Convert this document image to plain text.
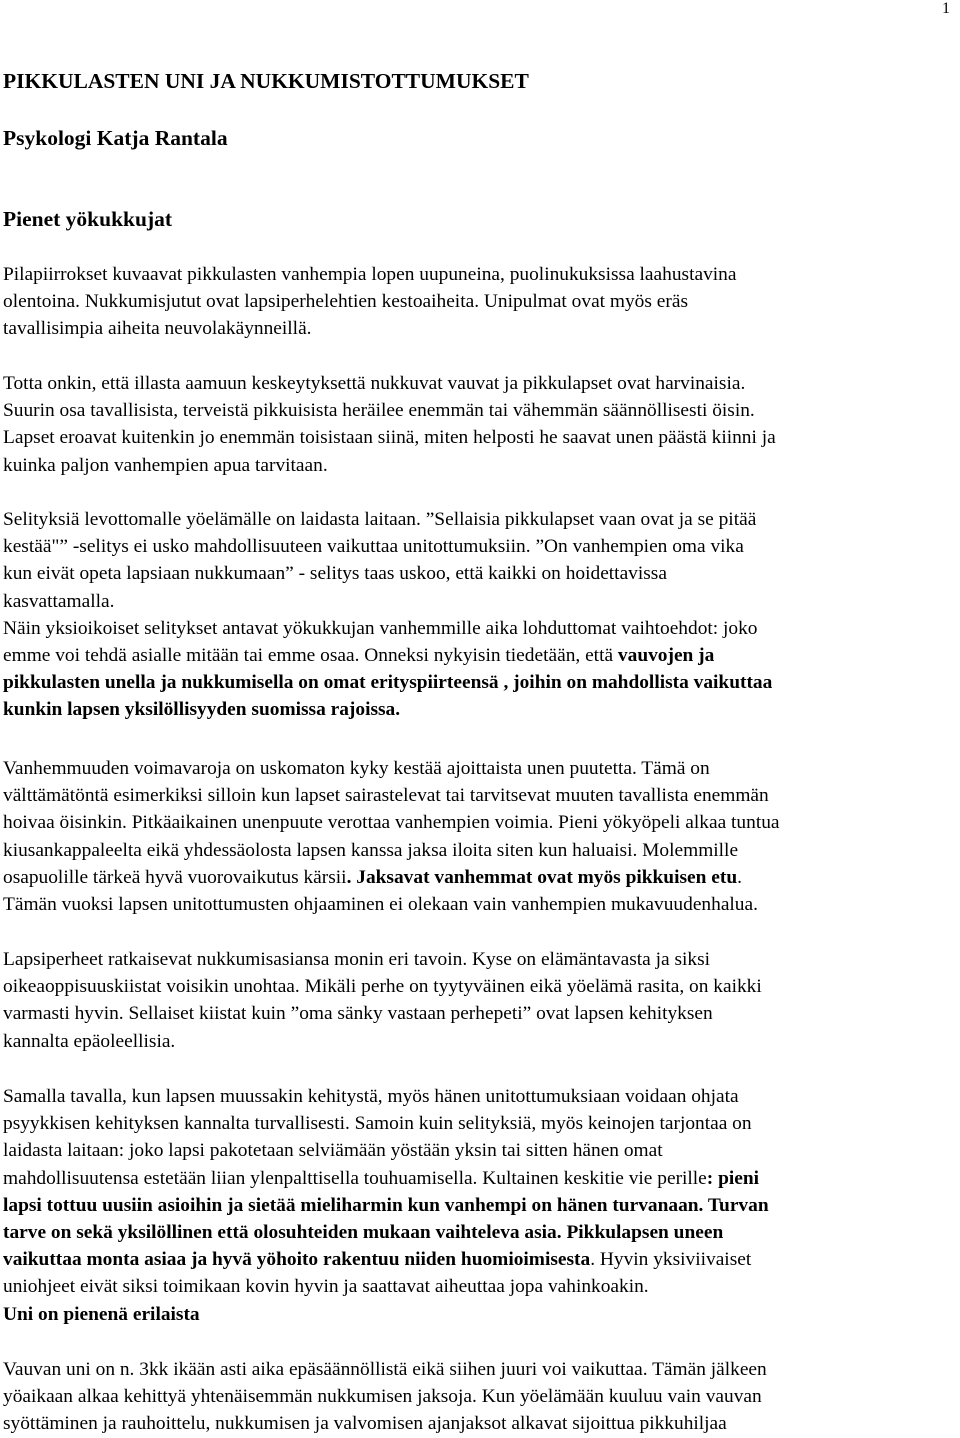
1
PIKKULASTEN UNI JA NUKKUMISTOTTUMUKSET
Psykologi Katja Rantala
Pienet yökukkujat
Pilapiirrokset kuvaavat pikkulasten vanhempia lopen uupuneina, puolinukuksissa laahustavina
olentoina. Nukkumisjutut ovat lapsiperhelehtien kestoaiheita. Unipulmat ovat myös eräs
tavallisimpia aiheita neuvolakäynneillä.
Totta onkin, että illasta aamuun keskeytyksettä nukkuvat vauvat ja pikkulapset ovat harvinaisia.
Suurin osa tavallisista, terveistä pikkuisista heräilee enemmän tai vähemmän säännöllisesti öisin.
Lapset eroavat kuitenkin jo enemmän toisistaan siinä, miten helposti he saavat unen päästä kiinni ja
kuinka paljon vanhempien apua tarvitaan.
Selityksiä levottomalle yöelämälle on laidasta laitaan. ”Sellaisia pikkulapset vaan ovat ja se pitää
kestää"” -selitys ei usko mahdollisuuteen vaikuttaa unitottumuksiin. ”On vanhempien oma vika
kun eivät opeta lapsiaan nukkumaan” - selitys taas uskoo, että kaikki on hoidettavissa
kasvattamalla.
Näin yksioikoiset selitykset antavat yökukkujan vanhemmille aika lohduttomat vaihtoehdot: joko
emme voi tehdä asialle mitään tai emme osaa. Onneksi nykyisin tiedetään, että vauvojen ja
pikkulasten unella ja nukkumisella on omat erityspiirteensä , joihin on mahdollista vaikuttaa
kunkin lapsen yksilöllisyyden suomissa rajoissa.
Vanhemmuuden voimavaroja on uskomaton kyky kestää ajoittaista unen puutetta. Tämä on
välttämätöntä esimerkiksi silloin kun lapset sairastelevat tai tarvitsevat muuten tavallista enemmän
hoivaa öisinkin. Pitkäaikainen unenpuute verottaa vanhempien voimia. Pieni yökyöpeli alkaa tuntua
kiusankappaleelta eikä yhdessäolosta lapsen kanssa jaksa iloita siten kun haluaisi. Molemmille
osapuolille tärkeä hyvä vuorovaikutus kärsii. Jaksavat vanhemmat ovat myös pikkuisen etu.
Tämän vuoksi lapsen unitottumusten ohjaaminen ei olekaan vain vanhempien mukavuudenhalua.
Lapsiperheet ratkaisevat nukkumisasiansa monin eri tavoin. Kyse on elämäntavasta ja siksi
oikeaoppisuuskiistat voisikin unohtaa. Mikäli perhe on tyytyväinen eikä yöelämä rasita, on kaikki
varmasti hyvin. Sellaiset kiistat kuin ”oma sänky vastaan perhepeti” ovat lapsen kehityksen
kannalta epäoleellisia.
Samalla tavalla, kun lapsen muussakin kehitystä, myös hänen unitottumuksiaan voidaan ohjata
psyykkisen kehityksen kannalta turvallisesti. Samoin kuin selityksiä, myös keinojen tarjontaa on
laidasta laitaan: joko lapsi pakotetaan selviämään yöstään yksin tai sitten hänen omat
mahdollisuutensa estetään liian ylenpalttisella touhuamisella. Kultainen keskitie vie perille: pieni
lapsi tottuu uusiin asioihin ja sietää mieliharmin kun vanhempi on hänen turvanaan. Turvan
tarve on sekä yksilöllinen että olosuhteiden mukaan vaihteleva asia. Pikkulapsen uneen
vaikuttaa monta asiaa ja hyvä yöhoito rakentuu niiden huomioimisesta. Hyvin yksiviivaiset
uniohjeet eivät siksi toimikaan kovin hyvin ja saattavat aiheuttaa jopa vahinkoakin.
Uni on pienenä erilaista
Vauvan uni on n. 3kk ikään asti aika epäsäännöllistä eikä siihen juuri voi vaikuttaa. Tämän jälkeen
yöaikaan alkaa kehittyä yhtenäisemmän nukkumisen jaksoja. Kun yöelämään kuuluu vain vauvan
syöttäminen ja rauhoittelu, nukkumisen ja valvomisen ajanjaksot alkavat sijoittua pikkuhiljaa
